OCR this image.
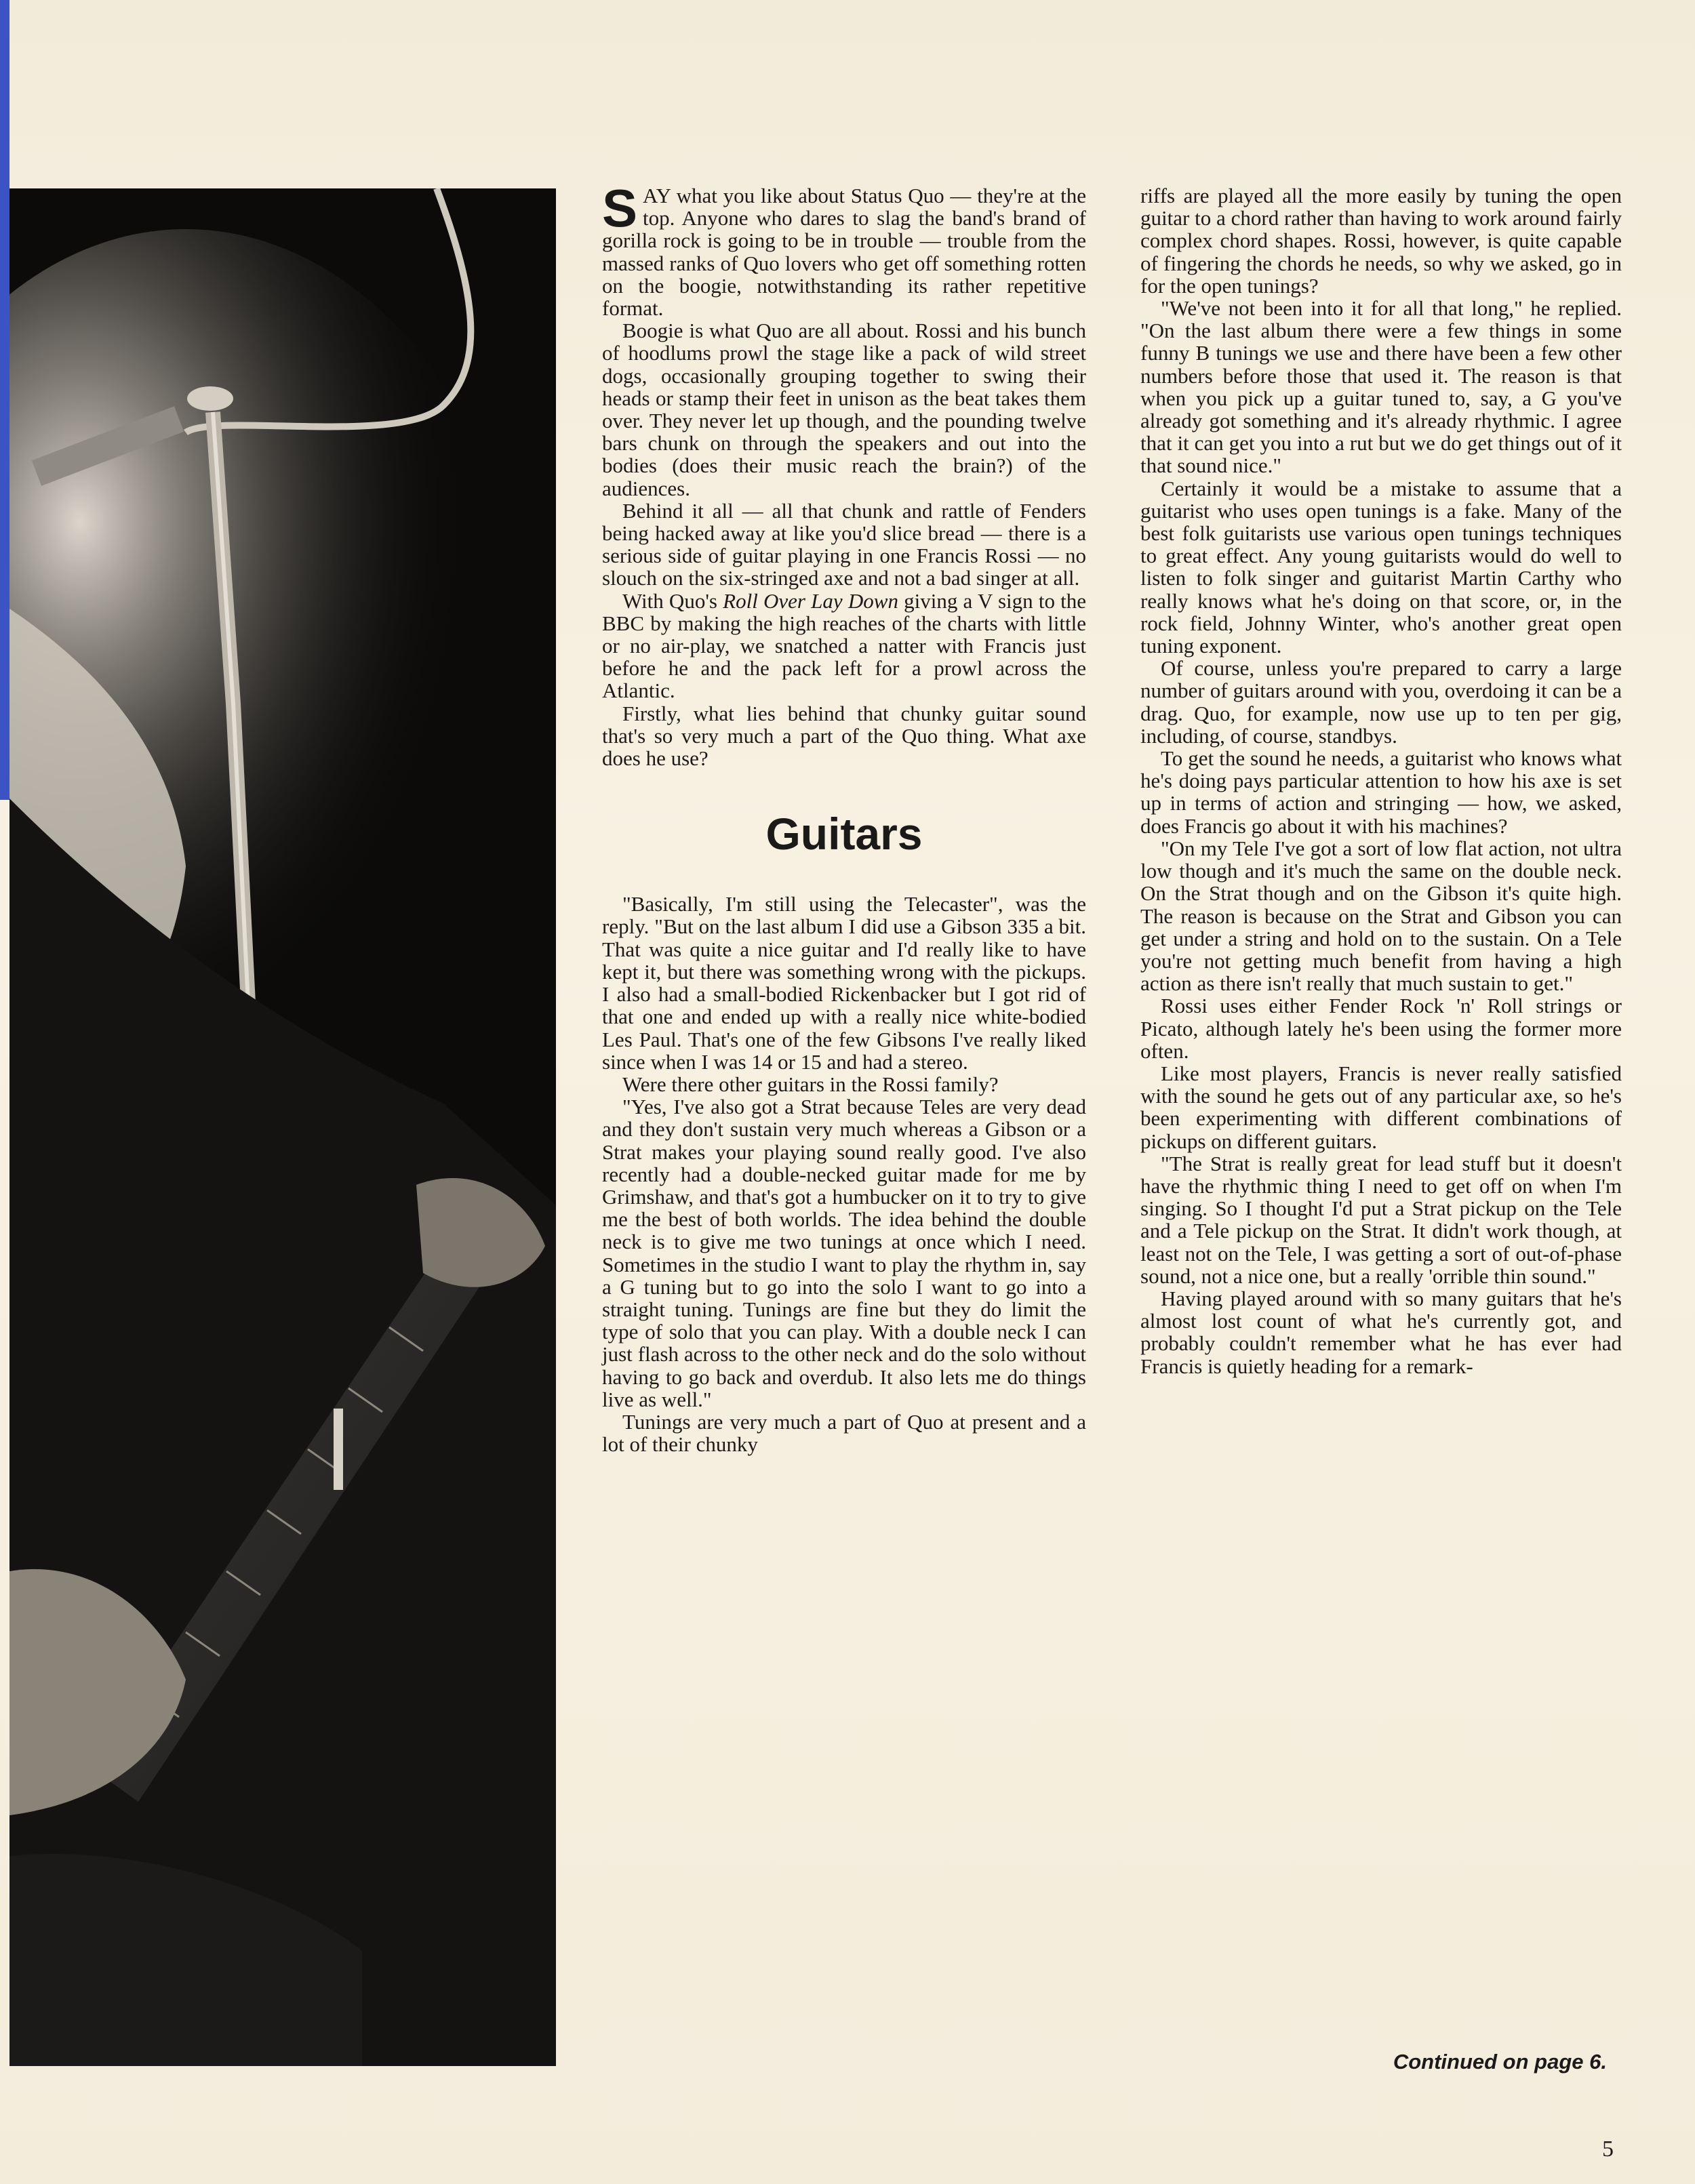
SAY what you like about Status Quo — they're at the top. Anyone who dares to slag the band's brand of gorilla rock is going to be in trouble — trouble from the massed ranks of Quo lovers who get off something rotten on the boogie, notwithstanding its rather repetitive format.

Boogie is what Quo are all about. Rossi and his bunch of hoodlums prowl the stage like a pack of wild street dogs, occasionally grouping together to swing their heads or stamp their feet in unison as the beat takes them over. They never let up though, and the pounding twelve bars chunk on through the speakers and out into the bodies (does their music reach the brain?) of the audiences.

Behind it all — all that chunk and rattle of Fenders being hacked away at like you'd slice bread — there is a serious side of guitar playing in one Francis Rossi — no slouch on the six-stringed axe and not a bad singer at all.

With Quo's Roll Over Lay Down giving a V sign to the BBC by making the high reaches of the charts with little or no air-play, we snatched a natter with Francis just before he and the pack left for a prowl across the Atlantic.

Firstly, what lies behind that chunky guitar sound that's so very much a part of the Quo thing. What axe does he use?

Guitars

"Basically, I'm still using the Telecaster", was the reply. "But on the last album I did use a Gibson 335 a bit. That was quite a nice guitar and I'd really like to have kept it, but there was something wrong with the pickups. I also had a small-bodied Rickenbacker but I got rid of that one and ended up with a really nice white-bodied Les Paul. That's one of the few Gibsons I've really liked since when I was 14 or 15 and had a stereo.

Were there other guitars in the Rossi family?

"Yes, I've also got a Strat because Teles are very dead and they don't sustain very much whereas a Gibson or a Strat makes your playing sound really good. I've also recently had a double-necked guitar made for me by Grimshaw, and that's got a humbucker on it to try to give me the best of both worlds. The idea behind the double neck is to give me two tunings at once which I need. Sometimes in the studio I want to play the rhythm in, say a G tuning but to go into the solo I want to go into a straight tuning. Tunings are fine but they do limit the type of solo that you can play. With a double neck I can just flash across to the other neck and do the solo without having to go back and overdub. It also lets me do things live as well."

Tunings are very much a part of Quo at present and a lot of their chunky

riffs are played all the more easily by tuning the open guitar to a chord rather than having to work around fairly complex chord shapes. Rossi, however, is quite capable of fingering the chords he needs, so why we asked, go in for the open tunings?

"We've not been into it for all that long," he replied. "On the last album there were a few things in some funny B tunings we use and there have been a few other numbers before those that used it. The reason is that when you pick up a guitar tuned to, say, a G you've already got something and it's already rhythmic. I agree that it can get you into a rut but we do get things out of it that sound nice."

Certainly it would be a mistake to assume that a guitarist who uses open tunings is a fake. Many of the best folk guitarists use various open tunings techniques to great effect. Any young guitarists would do well to listen to folk singer and guitarist Martin Carthy who really knows what he's doing on that score, or, in the rock field, Johnny Winter, who's another great open tuning exponent.

Of course, unless you're prepared to carry a large number of guitars around with you, overdoing it can be a drag. Quo, for example, now use up to ten per gig, including, of course, standbys.

To get the sound he needs, a guitarist who knows what he's doing pays particular attention to how his axe is set up in terms of action and stringing — how, we asked, does Francis go about it with his machines?

"On my Tele I've got a sort of low flat action, not ultra low though and it's much the same on the double neck. On the Strat though and on the Gibson it's quite high. The reason is because on the Strat and Gibson you can get under a string and hold on to the sustain. On a Tele you're not getting much benefit from having a high action as there isn't really that much sustain to get."

Rossi uses either Fender Rock 'n' Roll strings or Picato, although lately he's been using the former more often.

Like most players, Francis is never really satisfied with the sound he gets out of any particular axe, so he's been experimenting with different combinations of pickups on different guitars.

"The Strat is really great for lead stuff but it doesn't have the rhythmic thing I need to get off on when I'm singing. So I thought I'd put a Strat pickup on the Tele and a Tele pickup on the Strat. It didn't work though, at least not on the Tele, I was getting a sort of out-of-phase sound, not a nice one, but a really 'orrible thin sound."

Having played around with so many guitars that he's almost lost count of what he's currently got, and probably couldn't remember what he has ever had Francis is quietly heading for a remark-

Continued on page 6.
5
